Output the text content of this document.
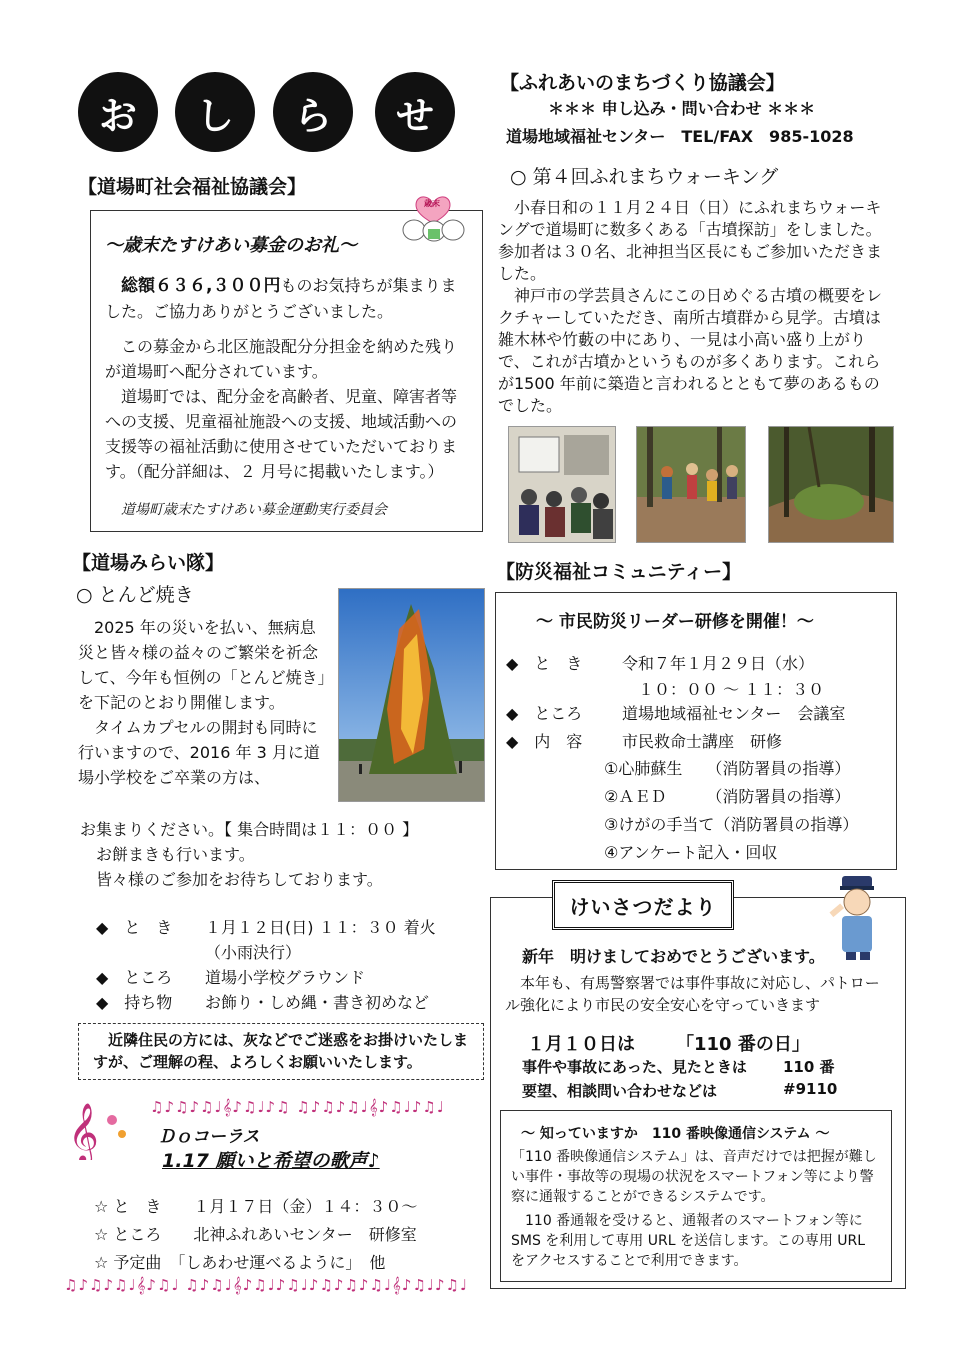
お	し	ら	せ
【道場町社会福祉協議会】
〜歳末たすけあい募金のお礼〜

総額６３６,３００円ものお気持ちが集まりました。ご協力ありがとうございました。

この募金から北区施設配分分担金を納めた残りが道場町へ配分されています。

道場町では、配分金を高齢者、児童、障害者等への支援、児童福祉施設への支援、地域活動への支援等の福祉活動に使用させていただいております。（配分詳細は、２ 月号に掲載いたします。）

道場町歳末たすけあい募金運動実行委員会
歳末
【道場みらい隊】
○ とんど焼き

2025 年の災いを払い、無病息災と皆々様の益々のご繁栄を祈念して、今年も恒例の「とんど焼き」を下記のとおり開催します。

タイムカプセルの開封も同時に行いますので、2016 年 3 月に道場小学校をご卒業の方は、

お集まりください。【 集合時間は１１：００ 】

お餅まきも行います。

皆々様のご参加をお待ちしております。

◆　と　き １月１２日(日) １１：３０ 着火
（小雨決行）
◆　ところ 道場小学校グラウンド
◆　持ち物 お飾り・しめ縄・書き初めなど

近隣住民の方には、灰などでご迷惑をお掛けいたしますが、ご理解の程、よろしくお願いいたします。

♫♪♫♪♫♩𝄞♪♫♩♪♫ ♫♪♫♪♫♩𝄞♪♫♩♪♫♩
𝄞	Ｄｏコーラス
1.17 願いと希望の歌声♪
☆ と　き　　１月１７日（金）１４：３０〜
☆ ところ　　北神ふれあいセンター　研修室
☆ 予定曲　「しあわせ運べるように」　他
♫♪♫♪♫♩𝄞♪♫♩ ♫♪♫♩𝄞♪♫♩♪♫♩♪♫♪♫♪♫♩𝄞♪♫♩♪♫♩
【ふれあいのまちづくり協議会】
＊＊＊ 申し込み・問い合わせ ＊＊＊
道場地域福祉センター　TEL/FAX　985-1028
○ 第４回ふれまちウォーキング

小春日和の１１月２４日（日）にふれまちウォーキングで道場町に数多くある「古墳探訪」をしました。参加者は３０名、北神担当区長にもご参加いただきました。

神戸市の学芸員さんにこの日めぐる古墳の概要をレクチャーしていただき、南所古墳群から見学。古墳は雑木林や竹藪の中にあり、一見は小高い盛り上がりで、これが古墳かというものが多くあります。これらが1500 年前に築造と言われるとともて夢のあるものでした。

【防災福祉コミュニティー】
〜 市民防災リーダー研修を開催！〜
◆　と　き 令和７年１月２９日（水）
１０：００ 〜 １１：３０
◆　ところ 道場地域福祉センター　会議室
◆　内　容 市民救命士講座　研修
①心肺蘇生　　（消防署員の指導）
②ＡＥＤ　　　（消防署員の指導）
③けがの手当て（消防署員の指導）
④アンケート記入・回収
けいさつだより
新年　明けましておめでとうございます。

本年も、有馬警察署では事件事故に対応し、パトロール強化により市民の安全安心を守っていきます

１月１０日は 「110 番の日」
事件や事故にあった、見たときは 110 番
要望、相談問い合わせなどは	#9110
〜 知っていますか　110 番映像通信システム 〜

「110 番映像通信システム」は、音声だけでは把握が難しい事件・事故等の現場の状況をスマートフォン等により警察に通報することができるシステムです。

110 番通報を受けると、通報者のスマートフォン等に SMS を利用して専用 URL を送信します。この専用 URL をアクセスすることで利用できます。
